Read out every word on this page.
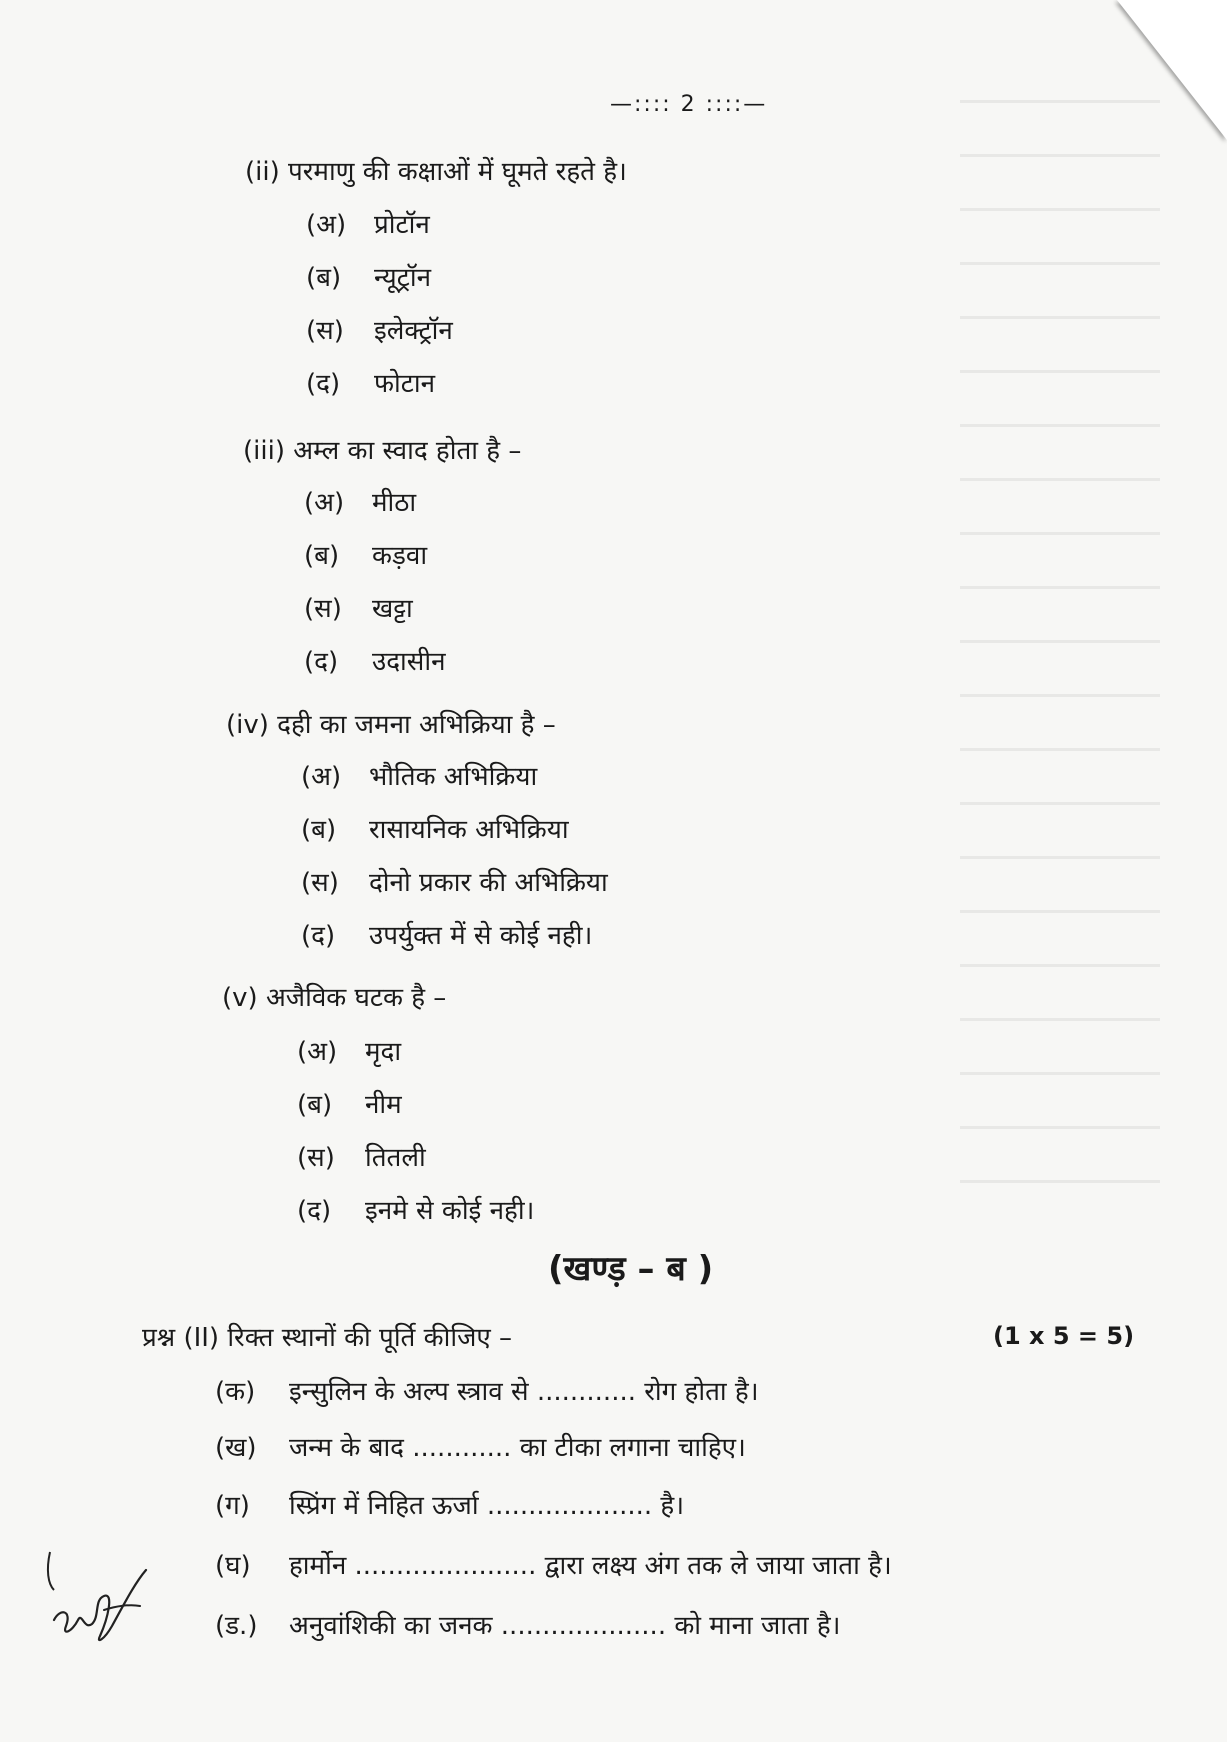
—:::: 2 ::::—
(ii) परमाणु की कक्षाओं में घूमते रहते है।
(अ) प्रोटॉन
(ब) न्यूट्रॉन
(स) इलेक्ट्रॉन
(द) फोटान
(iii) अम्ल का स्वाद होता है –
(अ) मीठा
(ब) कड़वा
(स) खट्टा
(द) उदासीन
(iv) दही का जमना अभिक्रिया है –
(अ) भौतिक अभिक्रिया
(ब) रासायनिक अभिक्रिया
(स) दोनो प्रकार की अभिक्रिया
(द) उपर्युक्त में से कोई नही।
(v) अजैविक घटक है –
(अ) मृदा
(ब) नीम
(स) तितली
(द) इनमे से कोई नही।
(खण्ड़ – ब )
प्रश्न (II) रिक्त स्थानों की पूर्ति कीजिए –	(1 x 5 = 5)
(क) इन्सुलिन के अल्प स्त्राव से ............ रोग होता है।
(ख) जन्म के बाद ............ का टीका लगाना चाहिए।
(ग) स्प्रिंग में निहित ऊर्जा .................... है।
(घ) हार्मोन ...................... द्वारा लक्ष्य अंग तक ले जाया जाता है।
(ड.) अनुवांशिकी का जनक .................... को माना जाता है।
